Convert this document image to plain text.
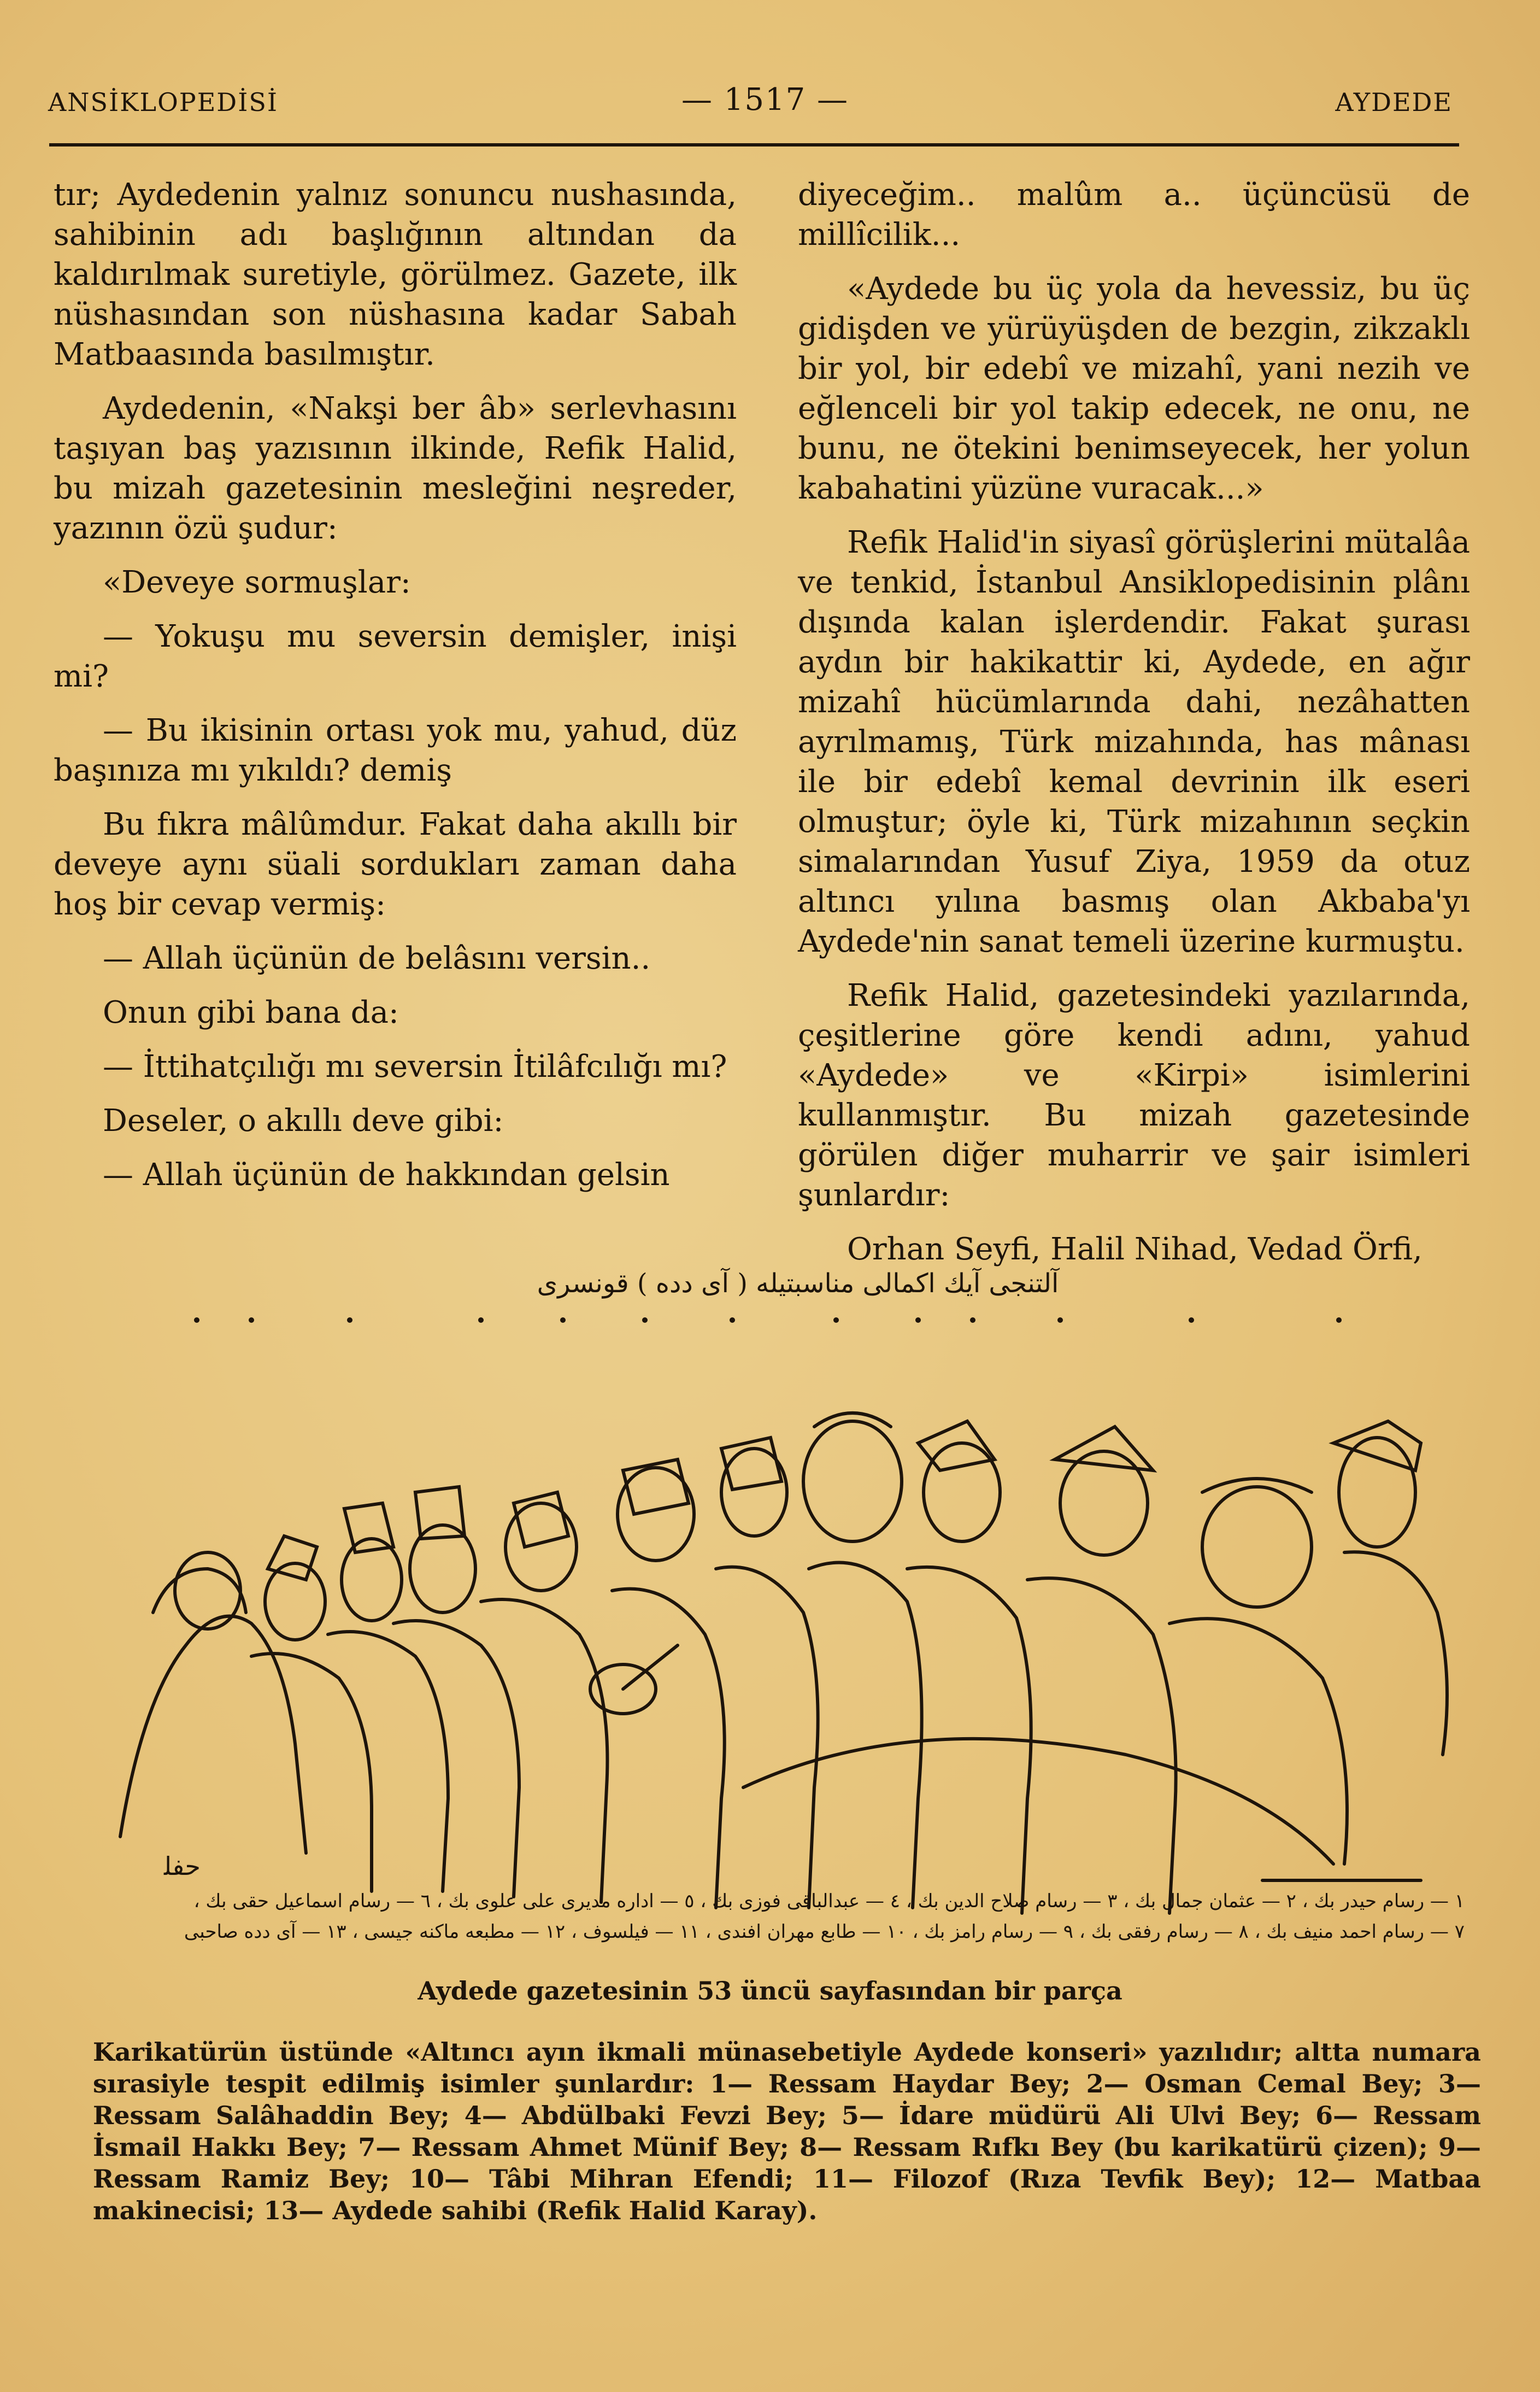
ANSİKLOPEDİSİ	— 1517 —	AYDEDE

tır; Aydedenin yalnız sonuncu nushasında, sahibinin adı başlığının altından da kaldırılmak suretiyle, görülmez. Gazete, ilk nüshasından son nüshasına kadar Sabah Matbaasında basılmıştır.

Aydedenin, «Nakşi ber âb» serlevhasını taşıyan baş yazısının ilkinde, Refik Halid, bu mizah gazetesinin mesleğini neşreder, yazının özü şudur:

«Deveye sormuşlar:

— Yokuşu mu seversin demişler, inişi mi?

— Bu ikisinin ortası yok mu, yahud, düz başınıza mı yıkıldı? demiş

Bu fıkra mâlûmdur. Fakat daha akıllı bir deveye aynı süali sordukları zaman daha hoş bir cevap vermiş:

— Allah üçünün de belâsını versin..

Onun gibi bana da:

— İttihatçılığı mı seversin İtilâfcılığı mı?

Deseler, o akıllı deve gibi:

— Allah üçünün de hakkından gelsin

diyeceğim.. malûm a.. üçüncüsü de millîcilik...

«Aydede bu üç yola da hevessiz, bu üç gidişden ve yürüyüşden de bezgin, zikzaklı bir yol, bir edebî ve mizahî, yani nezih ve eğlenceli bir yol takip edecek, ne onu, ne bunu, ne ötekini benimseyecek, her yolun kabahatini yüzüne vuracak...»

Refik Halid'in siyasî görüşlerini mütalâa ve tenkid, İstanbul Ansiklopedisinin plânı dışında kalan işlerdendir. Fakat şurası aydın bir hakikattir ki, Aydede, en ağır mizahî hücümlarında dahi, nezâhatten ayrılmamış, Türk mizahında, has mânası ile bir edebî kemal devrinin ilk eseri olmuştur; öyle ki, Türk mizahının seçkin simalarından Yusuf Ziya, 1959 da otuz altıncı yılına basmış olan Akbaba'yı Aydede'nin sanat temeli üzerine kurmuştu.

Refik Halid, gazetesindeki yazılarında, çeşitlerine göre kendi adını, yahud «Aydede» ve «Kirpi» isimlerini kullanmıştır. Bu mizah gazetesinde görülen diğer muharrir ve şair isimleri şunlardır:

Orhan Seyfi, Halil Nihad, Vedad Örfi,

آلتنجى آيك اكمالى مناسبتيله ( آى دده ) قونسرى
ﺣﻔﻠ
١ — رسام حيدر بك ، ٢ — عثمان جمال بك ، ٣ — رسام صلاح الدين بك ، ٤ — عبدالباقى فوزى بك ، ٥ — اداره مديرى على علوى بك ، ٦ — رسام اسماعيل حقى بك ،
٧ — رسام احمد منيف بك ، ٨ — رسام رفقى بك ، ٩ — رسام رامز بك ، ١٠ — طابع مهران افندى ، ١١ — فيلسوف ، ١٢ — مطبعه ماكنه جيسى ، ١٣ — آى دده صاحبى
Aydede gazetesinin 53 üncü sayfasından bir parça
Karikatürün üstünde «Altıncı ayın ikmali münasebetiyle Aydede konseri» yazılıdır; altta numara sırasiyle tespit edilmiş isimler şunlardır: 1— Ressam Haydar Bey; 2— Osman Cemal Bey; 3— Ressam Salâhaddin Bey; 4— Abdülbaki Fevzi Bey; 5— İdare müdürü Ali Ulvi Bey; 6— Ressam İsmail Hakkı Bey; 7— Ressam Ahmet Münif Bey; 8— Ressam Rıfkı Bey (bu karikatürü çizen); 9— Ressam Ramiz Bey; 10— Tâbi Mihran Efendi; 11— Filozof (Rıza Tevfik Bey); 12— Matbaa makinecisi; 13— Aydede sahibi (Refik Halid Karay).
